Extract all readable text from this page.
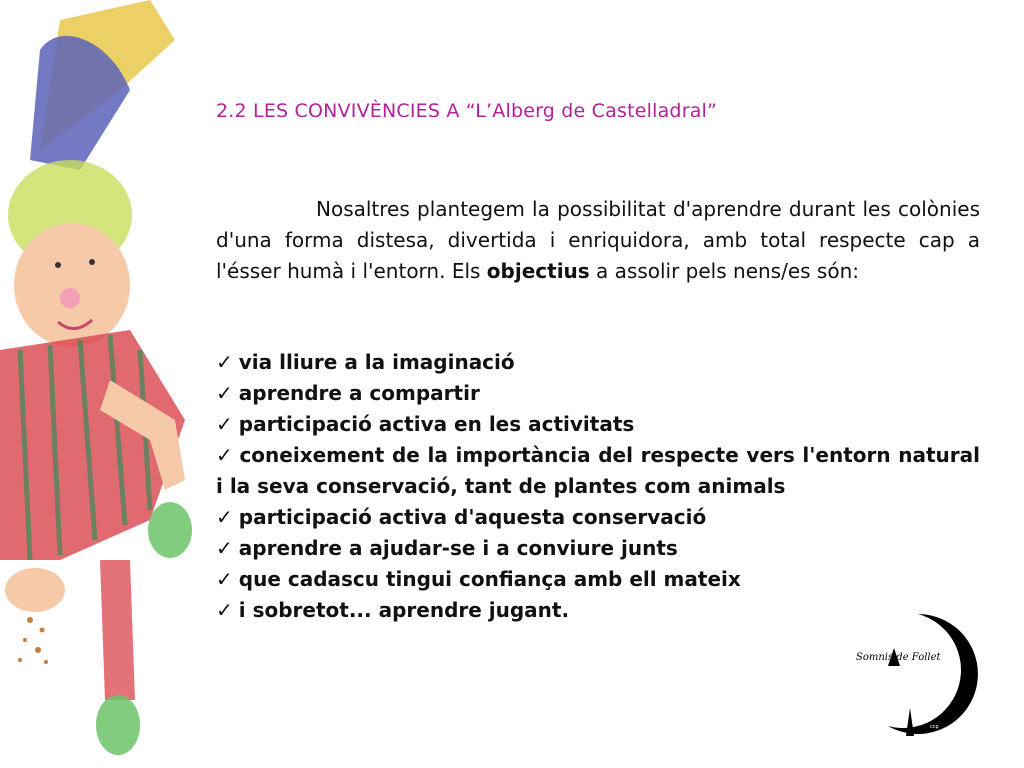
2.2 LES CONVIVÈNCIES A “L’Alberg de Castelladral”

Nosaltres plantegem la possibilitat d'aprendre durant les colònies d'una forma distesa, divertida i enriquidora, amb total respecte cap a l'ésser humà i l'entorn. Els objectius a assolir pels nens/es són:

✓ via lliure a la imaginació
✓ aprendre a compartir
✓ participació activa en les activitats
✓ coneixement de la importància del respecte vers l'entorn natural i la seva conservació, tant de plantes com animals
✓ participació activa d'aquesta conservació
✓ aprendre a ajudar-se i a conviure junts
✓ que cadascu tingui confiança amb ell mateix
✓ i sobretot... aprendre jugant.
Somnis de Follet
ccp
